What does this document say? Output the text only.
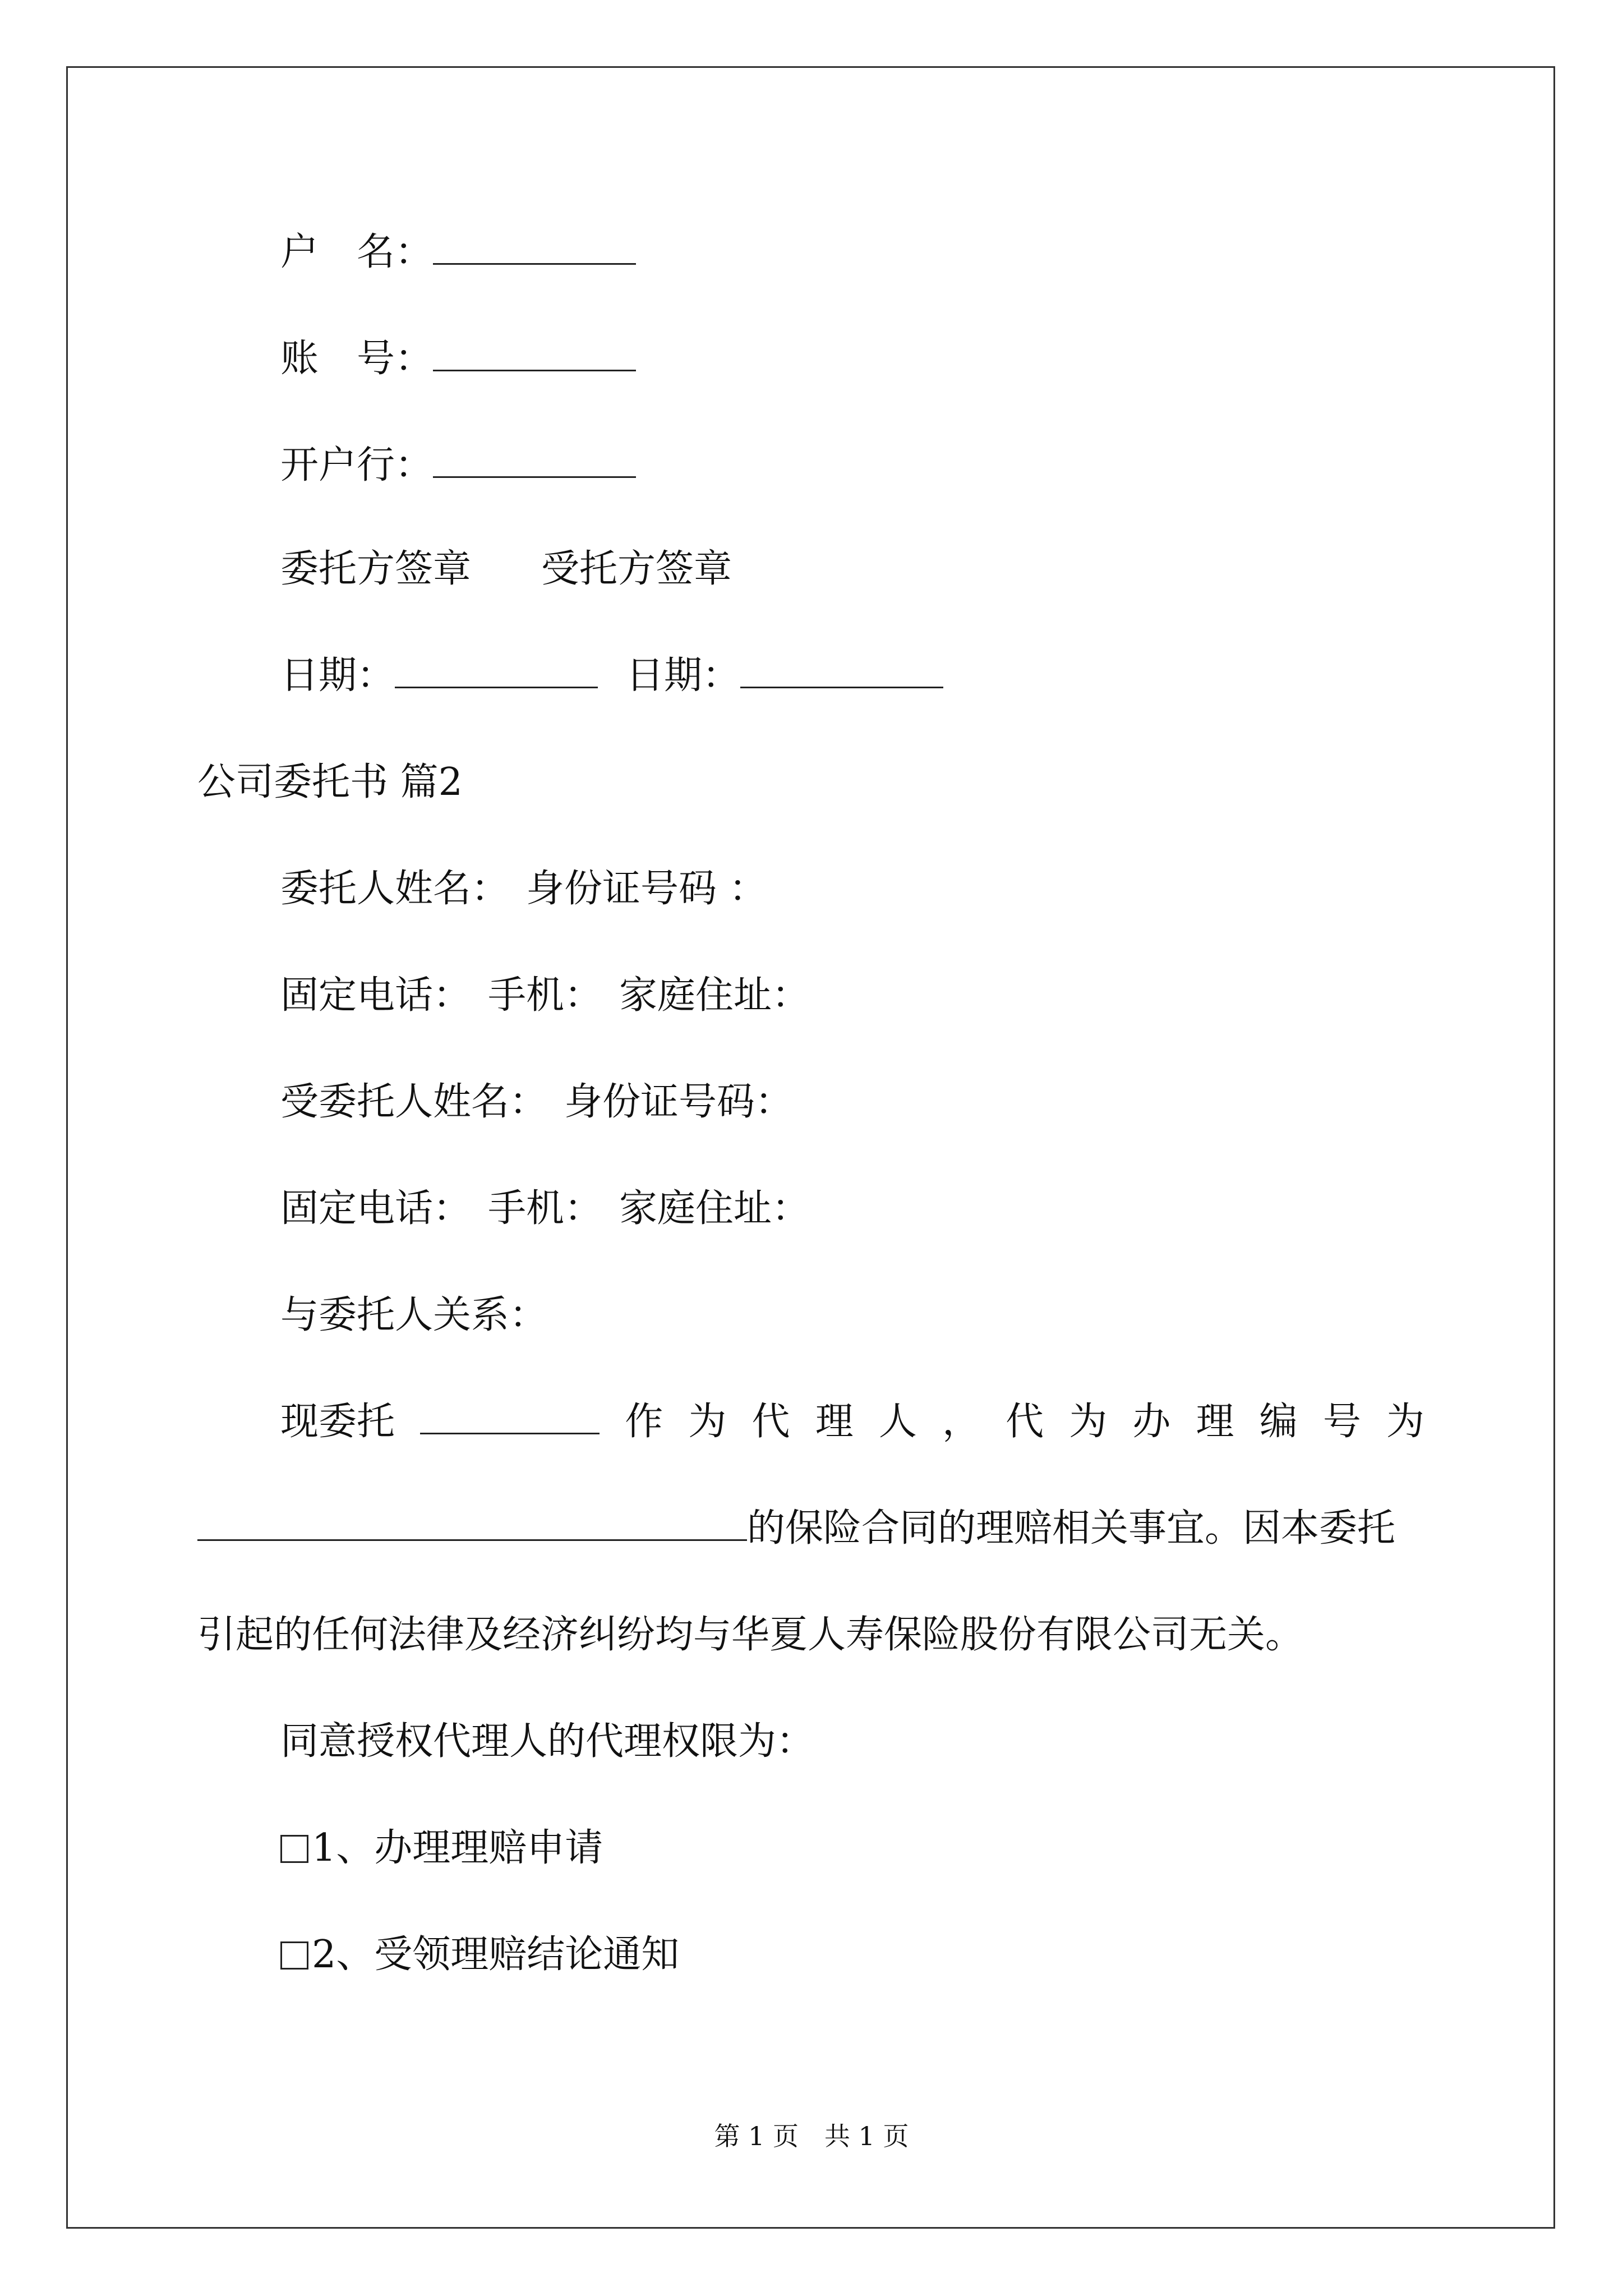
户　名：
账　号：
开户行：
委托方签章 受托方签章
日期：	日期：
公司委托书 篇2
委托人姓名： 身份证号码 ：
固定电话： 手机： 家庭住址：
受委托人姓名： 身份证号码：
固定电话： 手机： 家庭住址：
与委托人关系：
现委托	作 为 代 理 人 ， 代 为 办 理 编 号 为
的保险合同的理赔相关事宜。因本委托
引起的任何法律及经济纠纷均与华夏人寿保险股份有限公司无关。
同意授权代理人的代理权限为：
1、办理理赔申请
2、受领理赔结论通知
第 1 页　共 1 页
